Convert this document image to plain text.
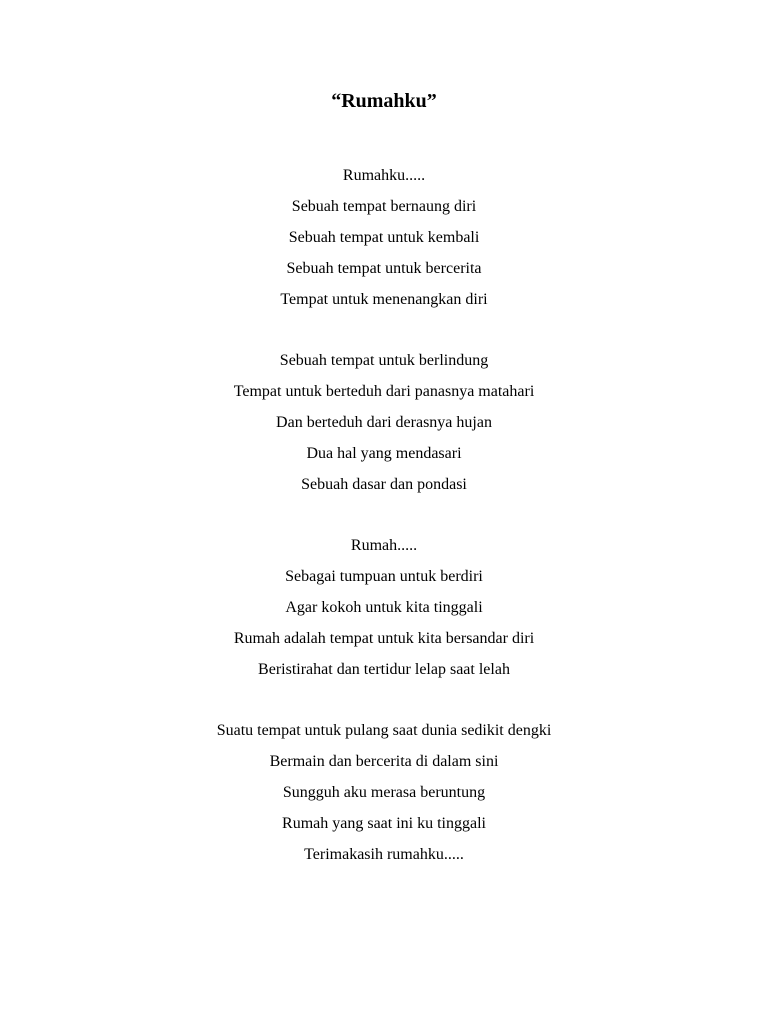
“Rumahku”
Rumahku.....
Sebuah tempat bernaung diri
Sebuah tempat untuk kembali
Sebuah tempat untuk bercerita
Tempat untuk menenangkan diri
Sebuah tempat untuk berlindung
Tempat untuk berteduh dari panasnya matahari
Dan berteduh dari derasnya hujan
Dua hal yang mendasari
Sebuah dasar dan pondasi
Rumah.....
Sebagai tumpuan untuk berdiri
Agar kokoh untuk kita tinggali
Rumah adalah tempat untuk kita bersandar diri
Beristirahat dan tertidur lelap saat lelah
Suatu tempat untuk pulang saat dunia sedikit dengki
Bermain dan bercerita di dalam sini
Sungguh aku merasa beruntung
Rumah yang saat ini ku tinggali
Terimakasih rumahku.....
